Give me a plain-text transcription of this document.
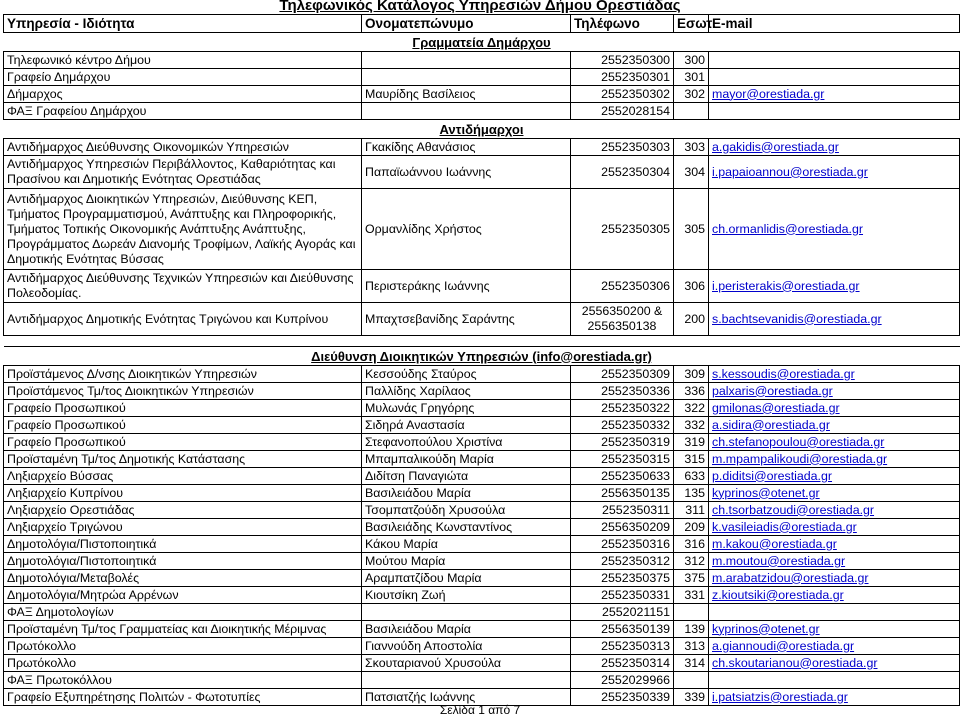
Τηλεφωνικός Κατάλογος Υπηρεσιών Δήμου Ορεστιάδας
Υπηρεσία - Ιδιότητα	Ονοματεπώνυμο	Τηλέφωνο	Εσωτ.	E-mail
Γραμματεία Δημάρχου				
Τηλεφωνικό κέντρο Δήμου		2552350300	300	
Γραφείο Δημάρχου		2552350301	301	
Δήμαρχος	Μαυρίδης Βασίλειος	2552350302	302	mayor@orestiada.gr
ΦΑΞ Γραφείου Δημάρχου		2552028154		
Αντιδήμαρχοι				
Αντιδήμαρχος Διεύθυνσης Οικονομικών Υπηρεσιών	Γκακίδης Αθανάσιος	2552350303	303	a.gakidis@orestiada.gr
Αντιδήμαρχος Υπηρεσιών Περιβάλλοντος, Καθαριότητας και Πρασίνου και Δημοτικής Ενότητας Ορεστιάδας	Παπαϊωάννου Ιωάννης	2552350304	304	i.papaioannou@orestiada.gr
Αντιδήμαρχος Διοικητικών Υπηρεσιών, Διεύθυνσης ΚΕΠ, Τμήματος Προγραμματισμού, Ανάπτυξης και Πληροφορικής, Τμήματος Τοπικής Οικονομικής Ανάπτυξης Ανάπτυξης, Προγράμματος Δωρεάν Διανομής Τροφίμων, Λαϊκής Αγοράς και Δημοτικής Ενότητας Βύσσας	Ορμανλίδης Χρήστος	2552350305	305	ch.ormanlidis@orestiada.gr
Αντιδήμαρχος Διεύθυνσης Τεχνικών Υπηρεσιών και Διεύθυνσης Πολεοδομίας.	Περιστεράκης Ιωάννης	2552350306	306	i.peristerakis@orestiada.gr
Αντιδήμαρχος Δημοτικής Ενότητας Τριγώνου και Κυπρίνου	Μπαχτσεβανίδης Σαράντης	2556350200 & 2556350138	200	s.bachtsevanidis@orestiada.gr

Διεύθυνση Διοικητικών Υπηρεσιών (info@orestiada.gr)				
Προϊστάμενος Δ/νσης Διοικητικών Υπηρεσιών	Κεσσούδης Σταύρος	2552350309	309	s.kessoudis@orestiada.gr
Προϊστάμενος Τμ/τος Διοικητικών Υπηρεσιών	Παλλίδης Χαρίλαος	2552350336	336	palxaris@orestiada.gr
Γραφείο Προσωπικού	Μυλωνάς Γρηγόρης	2552350322	322	gmilonas@orestiada.gr
Γραφείο Προσωπικού	Σιδηρά Αναστασία	2552350332	332	a.sidira@orestiada.gr
Γραφείο Προσωπικού	Στεφανοπούλου Χριστίνα	2552350319	319	ch.stefanopoulou@orestiada.gr
Προϊσταμένη Τμ/τος Δημοτικής Κατάστασης	Μπαμπαλικούδη Μαρία	2552350315	315	m.mpampalikoudi@orestiada.gr
Ληξιαρχείο Βύσσας	Διδίτση Παναγιώτα	2552350633	633	p.diditsi@orestiada.gr
Ληξιαρχείο Κυπρίνου	Βασιλειάδου Μαρία	2556350135	135	kyprinos@otenet.gr
Ληξιαρχείο Ορεστιάδας	Τσομπατζούδη Χρυσούλα	2552350311	311	ch.tsorbatzoudi@orestiada.gr
Ληξιαρχείο Τριγώνου	Βασιλειάδης Κωνσταντίνος	2556350209	209	k.vasileiadis@orestiada.gr
Δημοτολόγια/Πιστοποιητικά	Κάκου Μαρία	2552350316	316	m.kakou@orestiada.gr
Δημοτολόγια/Πιστοποιητικά	Μούτου Μαρία	2552350312	312	m.moutou@orestiada.gr
Δημοτολόγια/Μεταβολές	Αραμπατζίδου Μαρία	2552350375	375	m.arabatzidou@orestiada.gr
Δημοτολόγια/Μητρώα Αρρένων	Κιουτσίκη Ζωή	2552350331	331	z.kioutsiki@orestiada.gr
ΦΑΞ Δημοτολογίων		2552021151		
Προϊσταμένη Τμ/τος Γραμματείας και Διοικητικής Μέριμνας	Βασιλειάδου Μαρία	2556350139	139	kyprinos@otenet.gr
Πρωτόκολλο	Γιαννούδη Αποστολία	2552350313	313	a.giannoudi@orestiada.gr
Πρωτόκολλο	Σκουταριανού Χρυσούλα	2552350314	314	ch.skoutarianou@orestiada.gr
ΦΑΞ Πρωτοκόλλου		2552029966		
Γραφείο Εξυπηρέτησης Πολιτών - Φωτοτυπίες	Πατσιατζής Ιωάννης	2552350339	339	i.patsiatzis@orestiada.gr
Σελίδα 1 από 7
